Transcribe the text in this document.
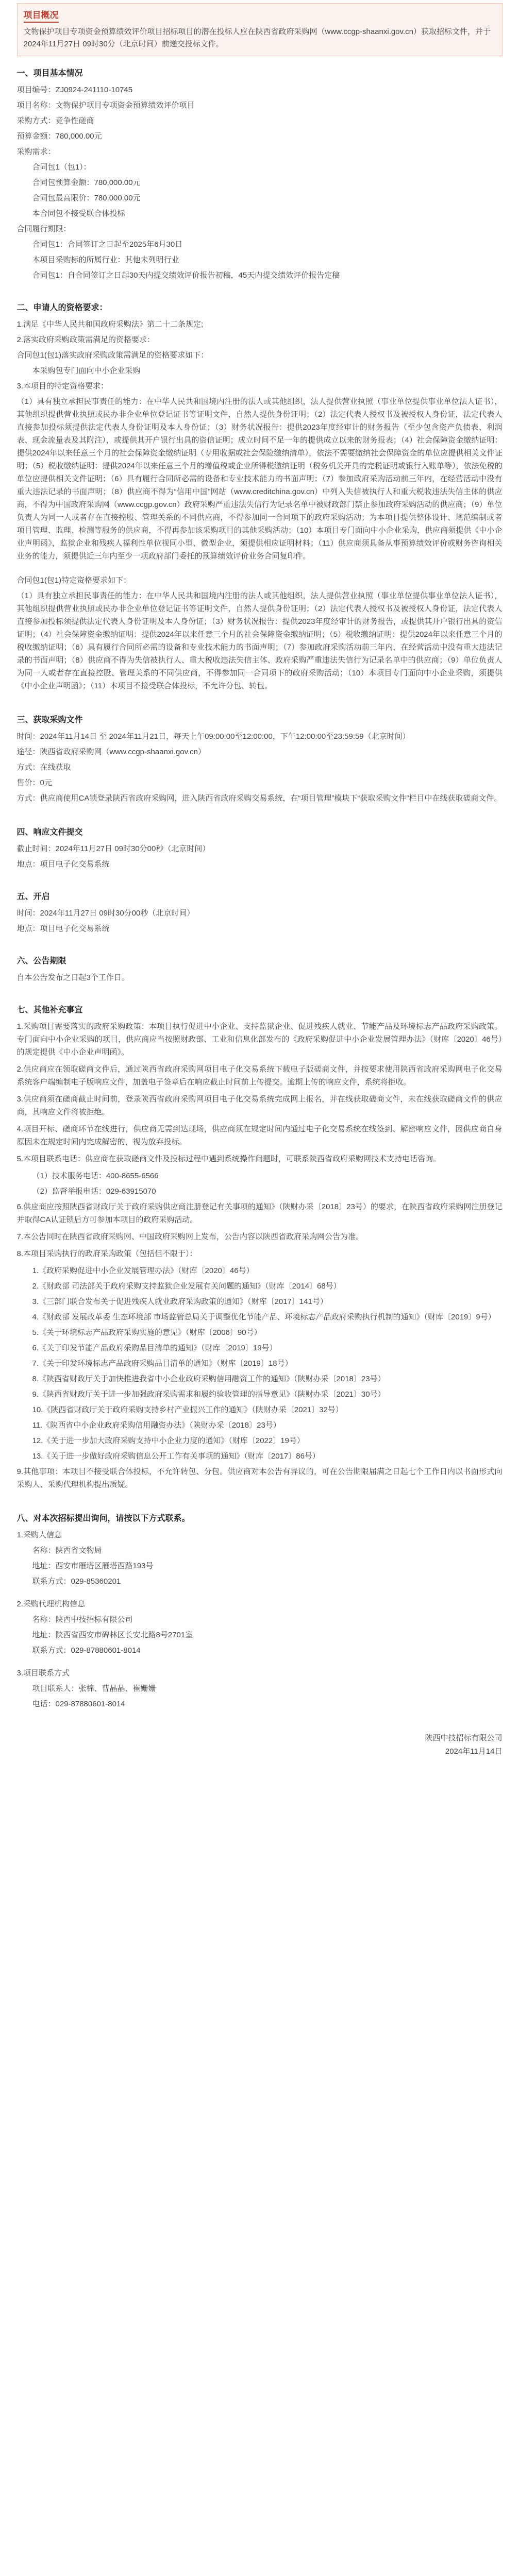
项目概况
文物保护项目专项资金预算绩效评价项目招标项目的潜在投标人应在陕西省政府采购网（www.ccgp-shaanxi.gov.cn）获取招标文件，并于 2024年11月27日 09时30分（北京时间）前递交投标文件。
一、项目基本情况
项目编号：ZJ0924-241110-10745
项目名称：文物保护项目专项资金预算绩效评价项目
采购方式：竞争性磋商
预算金额：780,000.00元
采购需求：
合同包1（包1）：
合同包预算金额：780,000.00元
合同包最高限价：780,000.00元
本合同包不接受联合体投标
合同履行期限：
合同包1：合同签订之日起至2025年6月30日
本项目采购标的所属行业：其他未列明行业
合同包1：自合同签订之日起30天内提交绩效评价报告初稿，45天内提交绩效评价报告定稿
二、申请人的资格要求：
1.满足《中华人民共和国政府采购法》第二十二条规定;
2.落实政府采购政策需满足的资格要求：
合同包1(包1)落实政府采购政策需满足的资格要求如下：
本采购包专门面向中小企业采购
3.本项目的特定资格要求：

（1）具有独立承担民事责任的能力：在中华人民共和国境内注册的法人或其他组织，法人提供营业执照（事业单位提供事业单位法人证书），其他组织提供营业执照或民办非企业单位登记证书等证明文件，自然人提供身份证明；（2）法定代表人授权书及被授权人身份证，法定代表人直接参加投标须提供法定代表人身份证明及本人身份证；（3）财务状况报告：提供2023年度经审计的财务报告（至少包含资产负债表、利润表、现金流量表及其附注），或提供其开户银行出具的资信证明；成立时间不足一年的提供成立以来的财务报表；（4）社会保障资金缴纳证明：提供2024年以来任意三个月的社会保障资金缴纳证明（专用收据或社会保险缴纳清单），依法不需要缴纳社会保障资金的单位应提供相关文件证明；（5）税收缴纳证明：提供2024年以来任意三个月的增值税或企业所得税缴纳证明（税务机关开具的完税证明或银行入账单等），依法免税的单位应提供相关文件证明；（6）具有履行合同所必需的设备和专业技术能力的书面声明；（7）参加政府采购活动前三年内，在经营活动中没有重大违法记录的书面声明；（8）供应商不得为“信用中国”网站（www.creditchina.gov.cn）中列入失信被执行人和重大税收违法失信主体的供应商，不得为中国政府采购网（www.ccgp.gov.cn）政府采购严重违法失信行为记录名单中被财政部门禁止参加政府采购活动的供应商；（9）单位负责人为同一人或者存在直接控股、管理关系的不同供应商，不得参加同一合同项下的政府采购活动；为本项目提供整体设计、规范编制或者项目管理、监理、检测等服务的供应商，不得再参加该采购项目的其他采购活动；（10）本项目专门面向中小企业采购，供应商须提供《中小企业声明函》，监狱企业和残疾人福利性单位视同小型、微型企业，须提供相应证明材料；（11）供应商须具备从事预算绩效评价或财务咨询相关业务的能力，须提供近三年内至少一项政府部门委托的预算绩效评价业务合同复印件。

合同包1(包1)特定资格要求如下：

（1）具有独立承担民事责任的能力：在中华人民共和国境内注册的法人或其他组织，法人提供营业执照（事业单位提供事业单位法人证书），其他组织提供营业执照或民办非企业单位登记证书等证明文件，自然人提供身份证明；（2）法定代表人授权书及被授权人身份证，法定代表人直接参加投标须提供法定代表人身份证明及本人身份证；（3）财务状况报告：提供2023年度经审计的财务报告，或提供其开户银行出具的资信证明；（4）社会保障资金缴纳证明：提供2024年以来任意三个月的社会保障资金缴纳证明；（5）税收缴纳证明：提供2024年以来任意三个月的税收缴纳证明；（6）具有履行合同所必需的设备和专业技术能力的书面声明；（7）参加政府采购活动前三年内，在经营活动中没有重大违法记录的书面声明；（8）供应商不得为失信被执行人、重大税收违法失信主体、政府采购严重违法失信行为记录名单中的供应商；（9）单位负责人为同一人或者存在直接控股、管理关系的不同供应商，不得参加同一合同项下的政府采购活动；（10）本项目专门面向中小企业采购，须提供《中小企业声明函》；（11）本项目不接受联合体投标，不允许分包、转包。

三、获取采购文件
时间：2024年11月14日 至 2024年11月21日，每天上午09:00:00至12:00:00，下午12:00:00至23:59:59（北京时间）
途径：陕西省政府采购网（www.ccgp-shaanxi.gov.cn）
方式：在线获取
售价：0元

方式：供应商使用CA锁登录陕西省政府采购网，进入陕西省政府采购交易系统，在“项目管理”模块下“获取采购文件”栏目中在线获取磋商文件。

四、响应文件提交
截止时间：2024年11月27日 09时30分00秒（北京时间）
地点：项目电子化交易系统
五、开启
时间：2024年11月27日 09时30分00秒（北京时间）
地点：项目电子化交易系统
六、公告期限
自本公告发布之日起3个工作日。
七、其他补充事宜

1.采购项目需要落实的政府采购政策：本项目执行促进中小企业、支持监狱企业、促进残疾人就业、节能产品及环境标志产品政府采购政策。专门面向中小企业采购的项目，供应商应当按照财政部、工业和信息化部发布的《政府采购促进中小企业发展管理办法》（财库〔2020〕46号）的规定提供《中小企业声明函》。

2.供应商应在领取磋商文件后，通过陕西省政府采购网项目电子化交易系统下载电子版磋商文件，并按要求使用陕西省政府采购网电子化交易系统客户端编制电子版响应文件，加盖电子签章后在响应截止时间前上传提交。逾期上传的响应文件，系统将拒收。

3.供应商须在磋商截止时间前，登录陕西省政府采购网项目电子化交易系统完成网上报名，并在线获取磋商文件，未在线获取磋商文件的供应商，其响应文件将被拒绝。

4.项目开标、磋商环节在线进行，供应商无需到达现场，供应商须在规定时间内通过电子化交易系统在线签到、解密响应文件，因供应商自身原因未在规定时间内完成解密的，视为放弃投标。

5.本项目联系电话：供应商在获取磋商文件及投标过程中遇到系统操作问题时，可联系陕西省政府采购网技术支持电话咨询。

（1）技术服务电话：400-8655-6566
（2）监督举报电话：029-63915070

6.供应商应按照陕西省财政厅关于政府采购供应商注册登记有关事项的通知》（陕财办采〔2018〕23号）的要求，在陕西省政府采购网注册登记并取得CA认证锁后方可参加本项目的政府采购活动。

7.本公告同时在陕西省政府采购网、中国政府采购网上发布，公告内容以陕西省政府采购网公告为准。

8.本项目采购执行的政府采购政策（包括但不限于）：

1.《政府采购促进中小企业发展管理办法》（财库〔2020〕46号）
2.《财政部 司法部关于政府采购支持监狱企业发展有关问题的通知》（财库〔2014〕68号）
3.《三部门联合发布关于促进残疾人就业政府采购政策的通知》（财库〔2017〕141号）
4.《财政部 发展改革委 生态环境部 市场监管总局关于调整优化节能产品、环境标志产品政府采购执行机制的通知》（财库〔2019〕9号）
5.《关于环境标志产品政府采购实施的意见》（财库〔2006〕90号）
6.《关于印发节能产品政府采购品目清单的通知》（财库〔2019〕19号）
7.《关于印发环境标志产品政府采购品目清单的通知》（财库〔2019〕18号）
8.《陕西省财政厅关于加快推进我省中小企业政府采购信用融资工作的通知》（陕财办采〔2018〕23号）
9.《陕西省财政厅关于进一步加强政府采购需求和履约验收管理的指导意见》（陕财办采〔2021〕30号）
10.《陕西省财政厅关于政府采购支持乡村产业振兴工作的通知》（陕财办采〔2021〕32号）
11.《陕西省中小企业政府采购信用融资办法》（陕财办采〔2018〕23号）
12.《关于进一步加大政府采购支持中小企业力度的通知》（财库〔2022〕19号）
13.《关于进一步做好政府采购信息公开工作有关事项的通知》（财库〔2017〕86号）

9.其他事项：本项目不接受联合体投标，不允许转包、分包。供应商对本公告有异议的，可在公告期限届满之日起七个工作日内以书面形式向采购人、采购代理机构提出质疑。

八、对本次招标提出询问，请按以下方式联系。
1.采购人信息
名称：陕西省文物局
地址：西安市雁塔区雁塔西路193号
联系方式：029-85360201
2.采购代理机构信息
名称：陕西中技招标有限公司
地址：陕西省西安市碑林区长安北路8号2701室
联系方式：029-87880601-8014
3.项目联系方式
项目联系人：张棉、曹晶晶、崔姗姗
电话：029-87880601-8014
陕西中技招标有限公司
2024年11月14日
